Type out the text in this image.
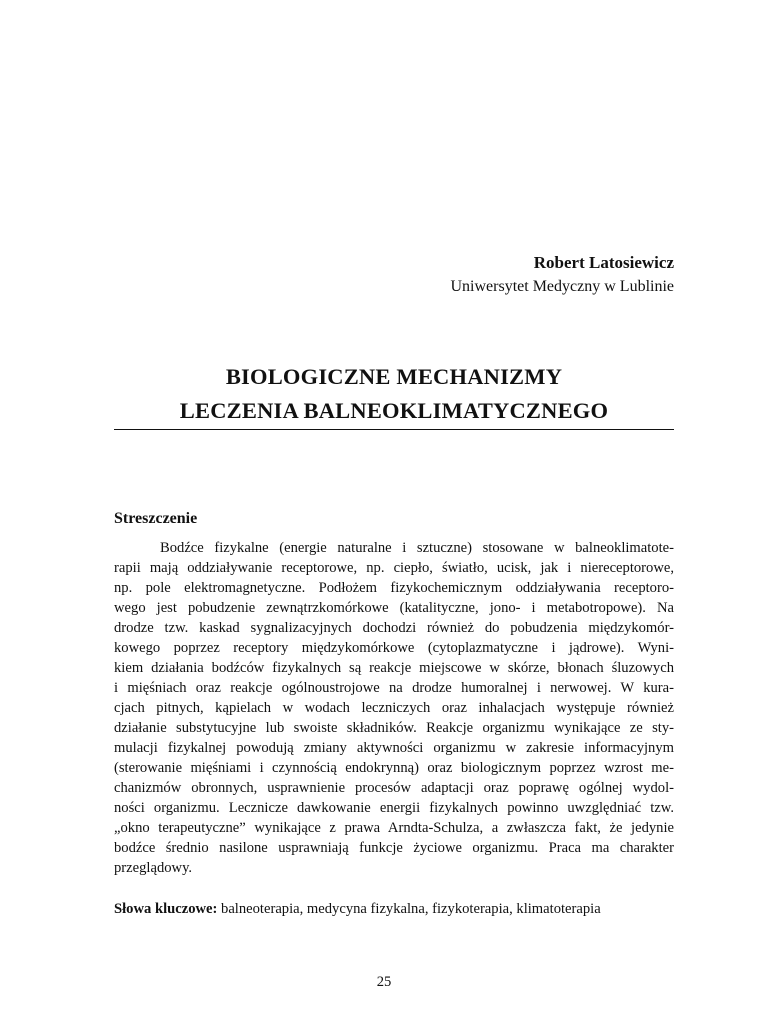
Robert Latosiewicz
Uniwersytet Medyczny w Lublinie
BIOLOGICZNE MECHANIZMY
LECZENIA BALNEOKLIMATYCZNEGO
Streszczenie
Bodźce fizykalne (energie naturalne i sztuczne) stosowane w balneoklimatote-
rapii mają oddziaływanie receptorowe, np. ciepło, światło, ucisk, jak i niereceptorowe,
np. pole elektromagnetyczne. Podłożem fizykochemicznym oddziaływania receptoro-
wego jest pobudzenie zewnątrzkomórkowe (katalityczne, jono- i metabotropowe). Na
drodze tzw. kaskad sygnalizacyjnych dochodzi również do pobudzenia międzykomór-
kowego poprzez receptory międzykomórkowe (cytoplazmatyczne i jądrowe). Wyni-
kiem działania bodźców fizykalnych są reakcje miejscowe w skórze, błonach śluzowych
i mięśniach oraz reakcje ogólnoustrojowe na drodze humoralnej i nerwowej. W kura-
cjach pitnych, kąpielach w wodach leczniczych oraz inhalacjach występuje również
działanie substytucyjne lub swoiste składników. Reakcje organizmu wynikające ze sty-
mulacji fizykalnej powodują zmiany aktywności organizmu w zakresie informacyjnym
(sterowanie mięśniami i czynnością endokrynną) oraz biologicznym poprzez wzrost me-
chanizmów obronnych, usprawnienie procesów adaptacji oraz poprawę ogólnej wydol-
ności organizmu. Lecznicze dawkowanie energii fizykalnych powinno uwzględniać tzw.
„okno terapeutyczne” wynikające z prawa Arndta-Schulza, a zwłaszcza fakt, że jedynie
bodźce średnio nasilone usprawniają funkcje życiowe organizmu. Praca ma charakter
przeglądowy.
Słowa kluczowe: balneoterapia, medycyna fizykalna, fizykoterapia, klimatoterapia
25
